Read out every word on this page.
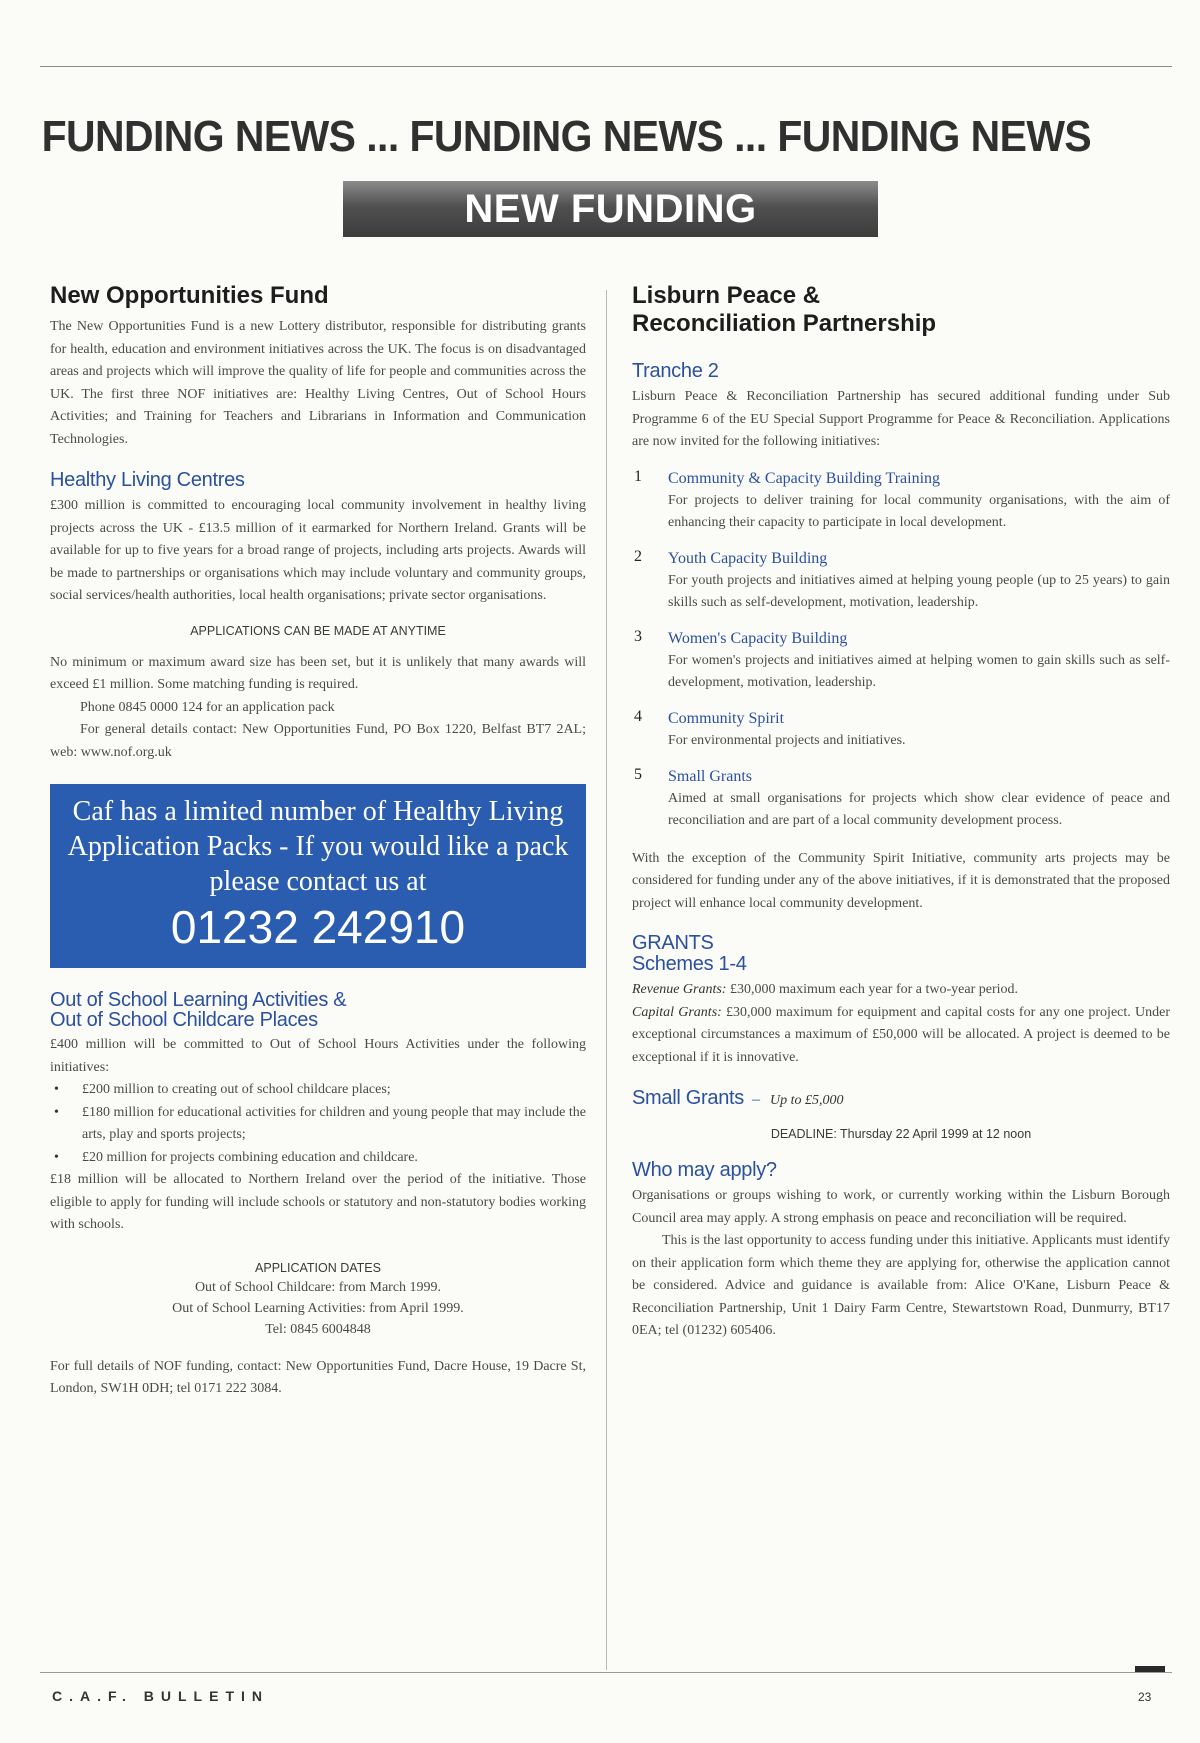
FUNDING NEWS ... FUNDING NEWS ... FUNDING NEWS
NEW FUNDING
New Opportunities Fund

The New Opportunities Fund is a new Lottery distributor, responsible for distributing grants for health, education and environment initiatives across the UK. The focus is on disadvantaged areas and projects which will improve the quality of life for people and communities across the UK. The first three NOF initiatives are: Healthy Living Centres, Out of School Hours Activities; and Training for Teachers and Librarians in Information and Communication Technologies.

Healthy Living Centres

£300 million is committed to encouraging local community involvement in healthy living projects across the UK - £13.5 million of it earmarked for Northern Ireland. Grants will be available for up to five years for a broad range of projects, including arts projects. Awards will be made to partnerships or organisations which may include voluntary and community groups, social services/health authorities, local health organisations; private sector organisations.

APPLICATIONS CAN BE MADE AT ANYTIME

No minimum or maximum award size has been set, but it is unlikely that many awards will exceed £1 million. Some matching funding is required.

Phone 0845 0000 124 for an application pack

For general details contact: New Opportunities Fund, PO Box 1220, Belfast BT7 2AL; web: www.nof.org.uk

Caf has a limited number of Healthy Living Application Packs - If you would like a pack please contact us at
01232 242910
Out of School Learning Activities &
Out of School Childcare Places

£400 million will be committed to Out of School Hours Activities under the following initiatives:

• £200 million to creating out of school childcare places;
• £180 million for educational activities for children and young people that may include the arts, play and sports projects;
• £20 million for projects combining education and childcare.

£18 million will be allocated to Northern Ireland over the period of the initiative. Those eligible to apply for funding will include schools or statutory and non-statutory bodies working with schools.

APPLICATION DATES
Out of School Childcare: from March 1999.
Out of School Learning Activities: from April 1999.
Tel: 0845 6004848

For full details of NOF funding, contact: New Opportunities Fund, Dacre House, 19 Dacre St, London, SW1H 0DH; tel 0171 222 3084.

Lisburn Peace &
Reconciliation Partnership
Tranche 2

Lisburn Peace & Reconciliation Partnership has secured additional funding under Sub Programme 6 of the EU Special Support Programme for Peace & Reconciliation. Applications are now invited for the following initiatives:

1	Community & Capacity Building Training
For projects to deliver training for local community organisations, with the aim of enhancing their capacity to participate in local development.
2	Youth Capacity Building
For youth projects and initiatives aimed at helping young people (up to 25 years) to gain skills such as self-development, motivation, leadership.
3	Women's Capacity Building
For women's projects and initiatives aimed at helping women to gain skills such as self-development, motivation, leadership.
4	Community Spirit
For environmental projects and initiatives.
5	Small Grants
Aimed at small organisations for projects which show clear evidence of peace and reconciliation and are part of a local community development process.

With the exception of the Community Spirit Initiative, community arts projects may be considered for funding under any of the above initiatives, if it is demonstrated that the proposed project will enhance local community development.

GRANTS
Schemes 1-4

Revenue Grants: £30,000 maximum each year for a two-year period.

Capital Grants: £30,000 maximum for equipment and capital costs for any one project. Under exceptional circumstances a maximum of £50,000 will be allocated. A project is deemed to be exceptional if it is innovative.

Small Grants – Up to £5,000
DEADLINE: Thursday 22 April 1999 at 12 noon
Who may apply?

Organisations or groups wishing to work, or currently working within the Lisburn Borough Council area may apply. A strong emphasis on peace and reconciliation will be required.

This is the last opportunity to access funding under this initiative. Applicants must identify on their application form which theme they are applying for, otherwise the application cannot be considered. Advice and guidance is available from: Alice O'Kane, Lisburn Peace & Reconciliation Partnership, Unit 1 Dairy Farm Centre, Stewartstown Road, Dunmurry, BT17 0EA; tel (01232) 605406.

C.A.F. BULLETIN	23
